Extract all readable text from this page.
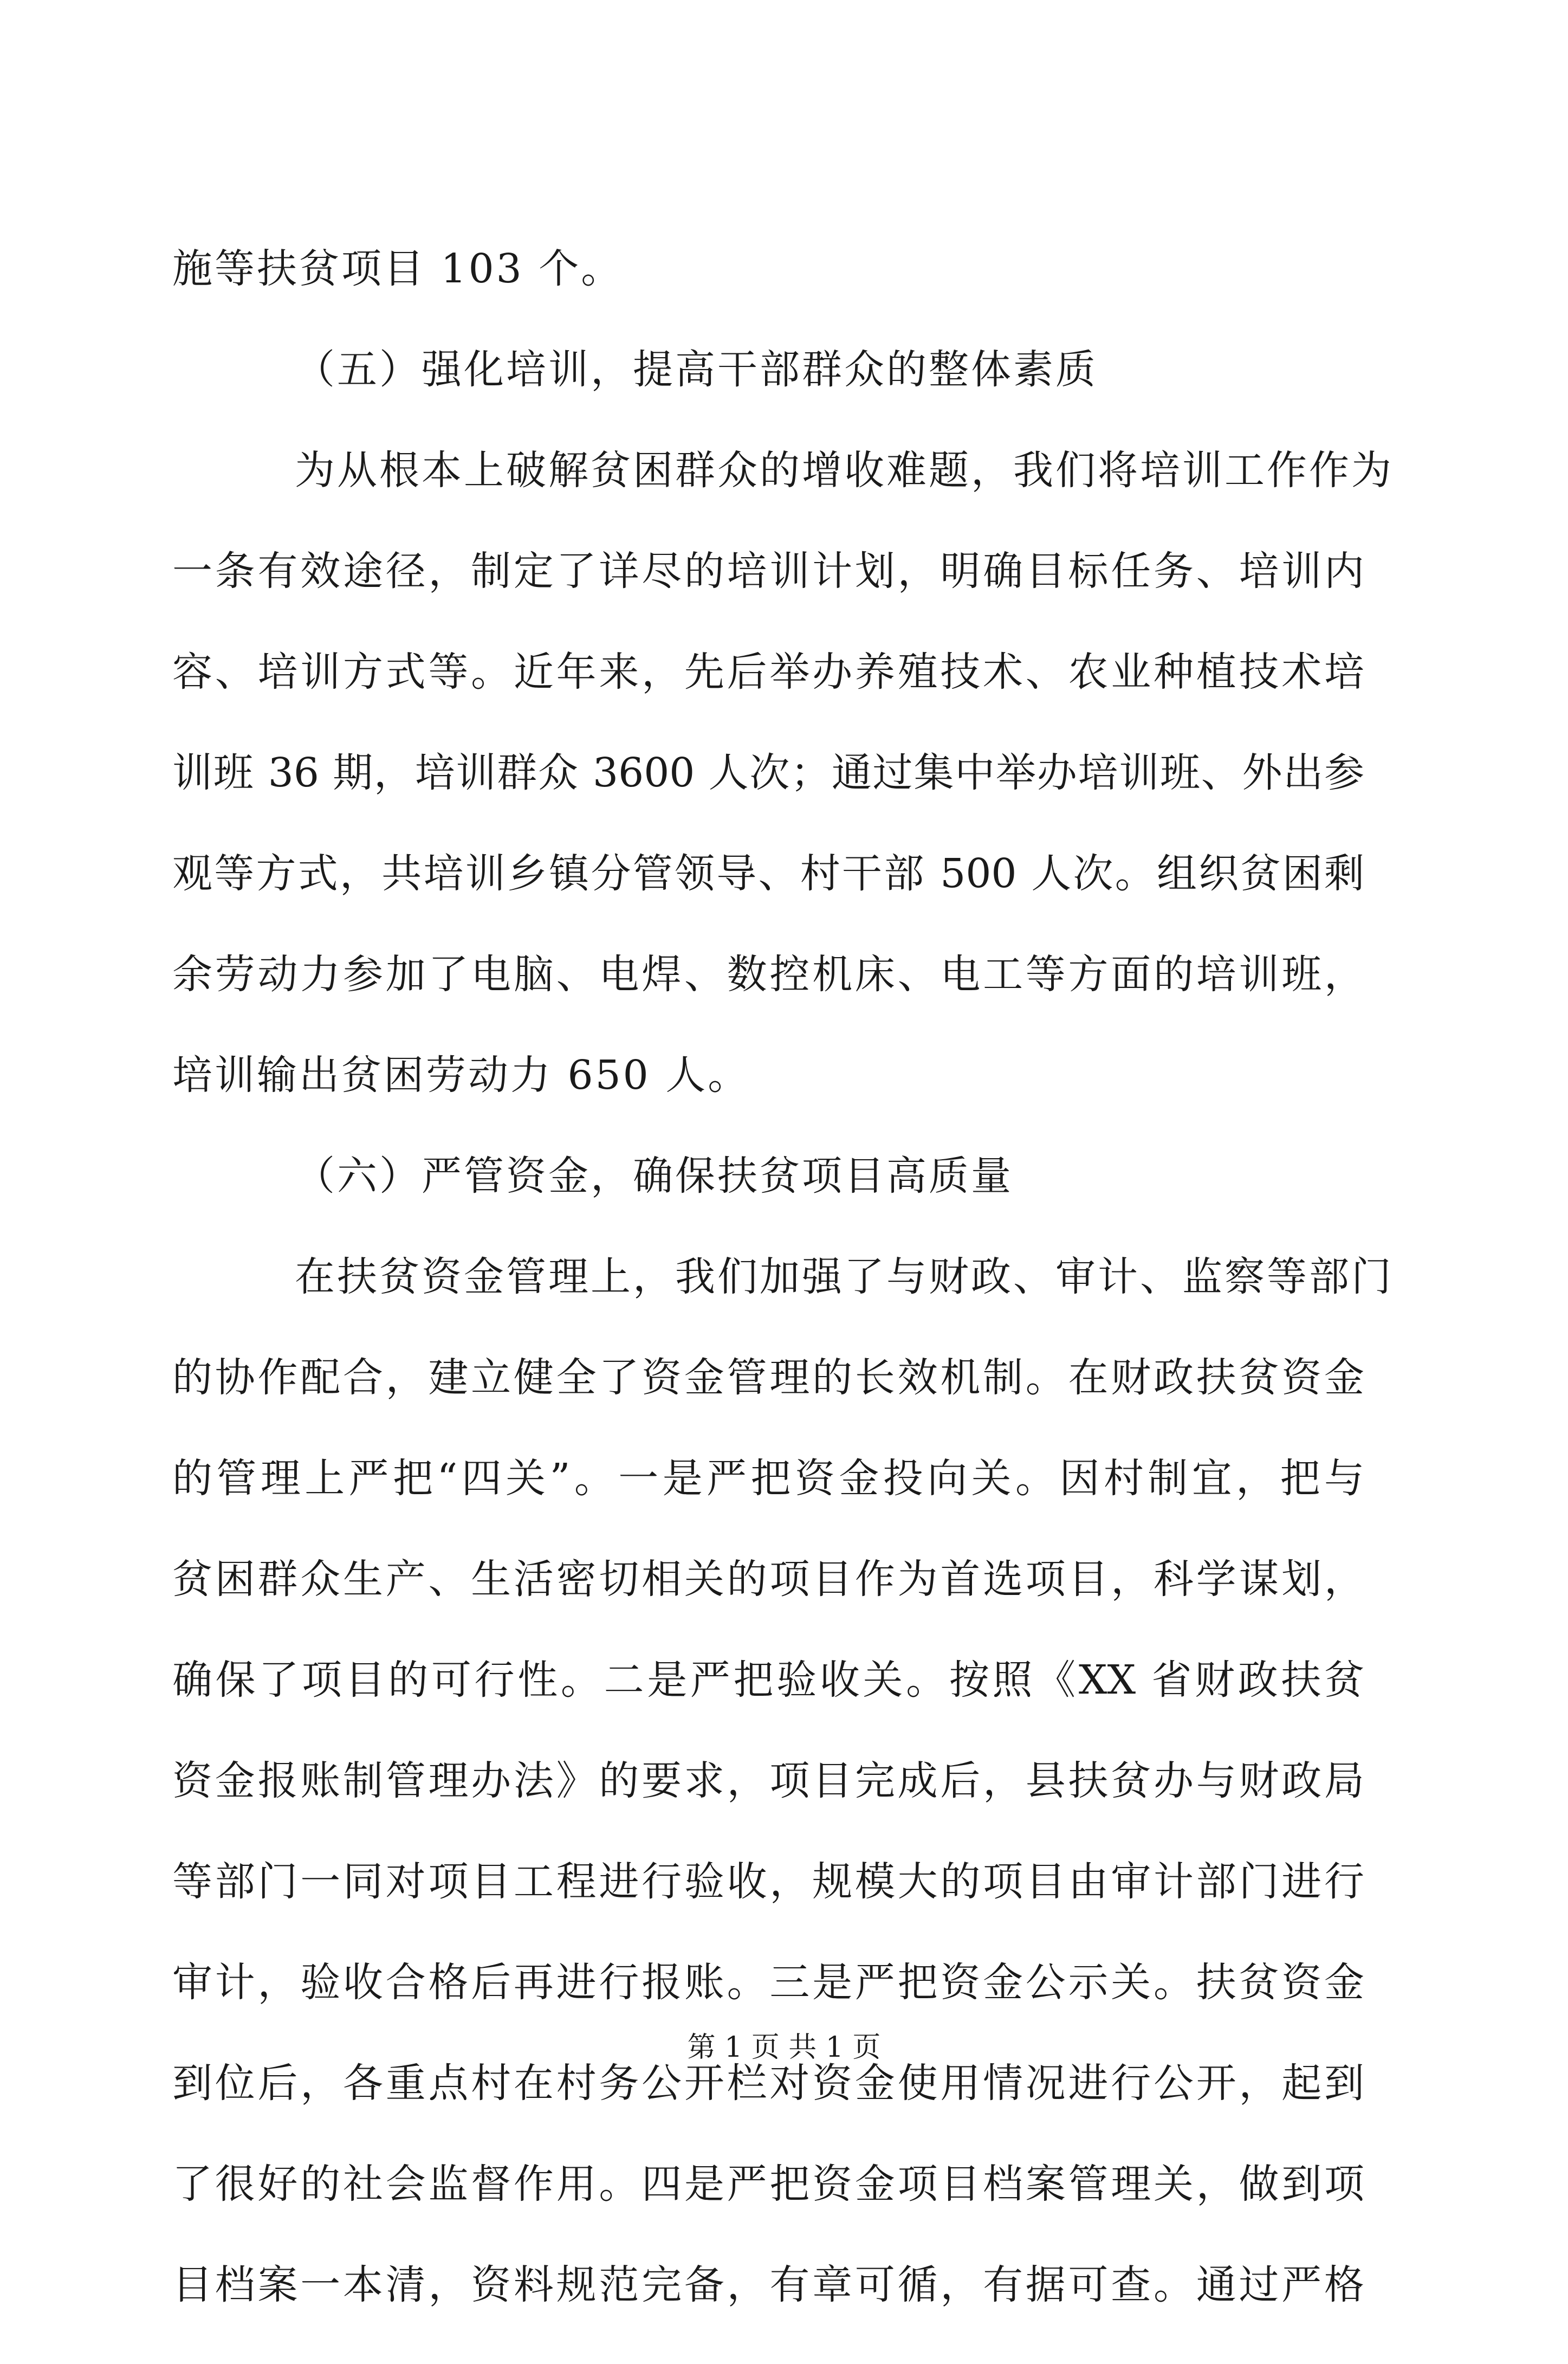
施等扶贫项目 103 个。
（五）强化培训，提高干部群众的整体素质
为从根本上破解贫困群众的增收难题，我们将培训工作作为
一条有效途径，制定了详尽的培训计划，明确目标任务、培训内
容、培训方式等。近年来，先后举办养殖技术、农业种植技术培
训班 36 期，培训群众 3600 人次；通过集中举办培训班、外出参
观等方式，共培训乡镇分管领导、村干部 500 人次。组织贫困剩
余劳动力参加了电脑、电焊、数控机床、电工等方面的培训班，
培训输出贫困劳动力 650 人。
（六）严管资金，确保扶贫项目高质量
在扶贫资金管理上，我们加强了与财政、审计、监察等部门
的协作配合，建立健全了资金管理的长效机制。在财政扶贫资金
的管理上严把“四关”。一是严把资金投向关。因村制宜，把与
贫困群众生产、生活密切相关的项目作为首选项目，科学谋划，
确保了项目的可行性。二是严把验收关。按照《XX 省财政扶贫
资金报账制管理办法》的要求，项目完成后，县扶贫办与财政局
等部门一同对项目工程进行验收，规模大的项目由审计部门进行
审计，验收合格后再进行报账。三是严把资金公示关。扶贫资金
到位后，各重点村在村务公开栏对资金使用情况进行公开，起到
了很好的社会监督作用。四是严把资金项目档案管理关，做到项
目档案一本清，资料规范完备，有章可循，有据可查。通过严格
第 1 页 共 1 页
